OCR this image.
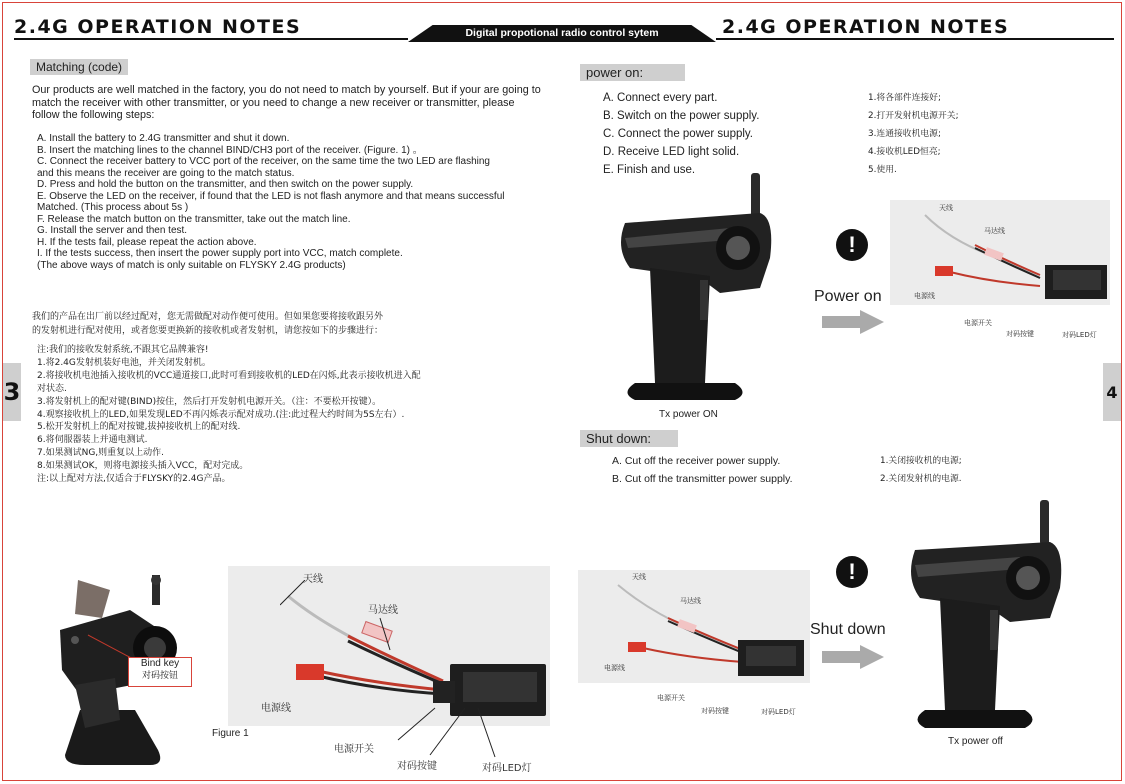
2.4G OPERATION NOTES	Digital propotional radio control sytem	2.4G OPERATION NOTES
3	4
Matching (code)
Our products are well matched in the factory, you do not need to match by yourself. But if your are going to match the receiver with other transmitter, or you need to change a new receiver or transmitter, please follow the following steps:
A. Install the battery to 2.4G transmitter and shut it down.
B. Insert the matching lines to the channel BIND/CH3 port of the receiver. (Figure. 1) 。
C. Connect the receiver battery to VCC port of the receiver, on the same time the two LED are flashing
and this means the receiver are going to the match status.
D. Press and hold the button on the transmitter, and then switch on the power supply.
E. Observe the LED on the receiver, if found that the LED is not flash anymore and that means successful
Matched. (This process about 5s )
F. Release the match button on the transmitter, take out the match line.
G. Install the server and then test.
H. If the tests fail, please repeat the action above.
I. If the tests success, then insert the power supply port into VCC, match complete.
(The above ways of match is only suitable on FLYSKY 2.4G products)
我们的产品在出厂前以经过配对，您无需做配对动作便可使用。但如果您要将接收跟另外
的发射机进行配对使用，或者您要更换新的接收机或者发射机，请您按如下的步骤进行：
注:我们的接收发射系统,不跟其它品牌兼容!
1.将2.4G发射机装好电池，并关闭发射机。
2.将接收机电池插入接收机的VCC通道接口,此时可看到接收机的LED在闪烁,此表示接收机进入配
对状态.
3.将发射机上的配对键(BIND)按住，然后打开发射机电源开关。（注：不要松开按键）。
4.观察接收机上的LED,如果发现LED不再闪烁表示配对成功.(注:此过程大约时间为5S左右）.
5.松开发射机上的配对按键,拔掉接收机上的配对线.
6.将伺服器装上并通电测试.
7.如果测试NG,则重复以上动作.
8.如果测试OK，则将电源接头插入VCC，配对完成。
注:以上配对方法,仅适合于FLYSKY的2.4G产品。
Bind key
对码按钮
天线
马达线
电源线
电源开关
对码按键	对码LED灯
Figure 1
power on:
A. Connect every part.
B. Switch on the power supply.
C. Connect the power supply.
D. Receive LED light solid.
E. Finish and use.
1.将各部件连接好;
2.打开发射机电源开关;
3.连通接收机电源;
4.接收机LED恒亮;
5.使用.
Tx power ON
!
Power on
天线
马达线
电源线
电源开关
对码按键	对码LED灯
Shut down:
A. Cut off the receiver power supply.
B. Cut off the transmitter power supply.
1.关闭接收机的电源;
2.关闭发射机的电源.
天线
马达线
电源线
电源开关
对码按键	对码LED灯
!
Shut down
Tx power off
